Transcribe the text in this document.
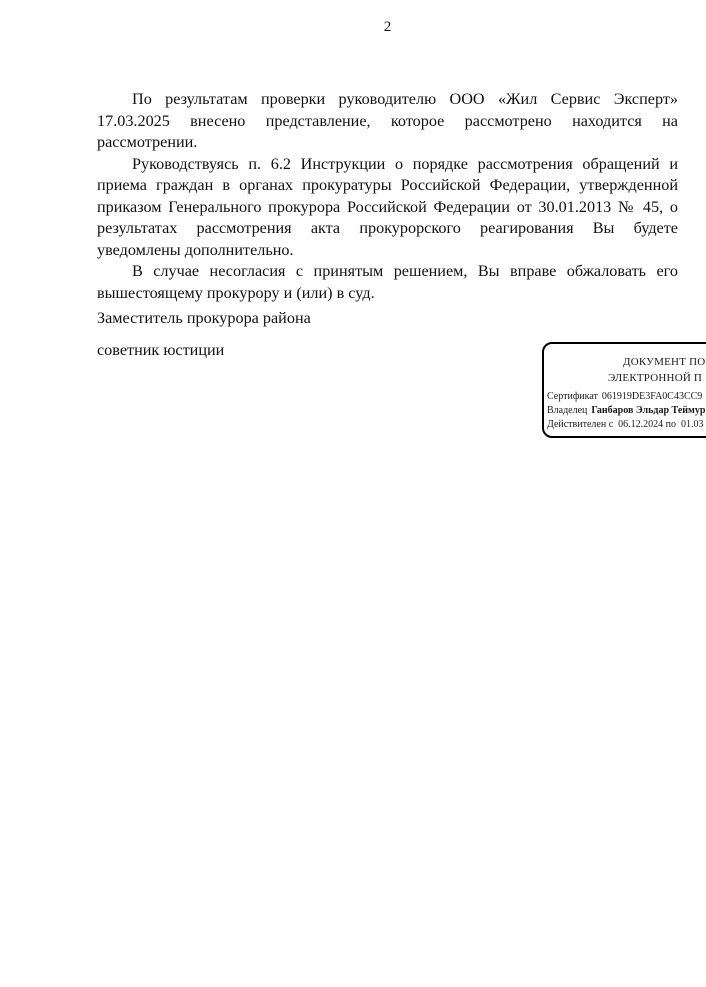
2
По результатам проверки руководителю ООО «Жил Сервис Эксперт»
17.03.2025 внесено представление, которое рассмотрено находится на
рассмотрении.
Руководствуясь п. 6.2 Инструкции о порядке рассмотрения обращений и
приема граждан в органах прокуратуры Российской Федерации, утвержденной
приказом Генерального прокурора Российской Федерации от 30.01.2013 № 45, о
результатах рассмотрения акта прокурорского реагирования Вы будете
уведомлены дополнительно.
В случае несогласия с принятым решением, Вы вправе обжаловать его
вышестоящему прокурору и (или) в суд.
Заместитель прокурора района
советник юстиции
ДОКУМЕНТ ПО
ЭЛЕКТРОННОЙ П
Сертификат 061919DE3FA0C43CC9
Владелец Ганбаров Эльдар Теймур
Действителен с  06.12.2024 по  01.03
